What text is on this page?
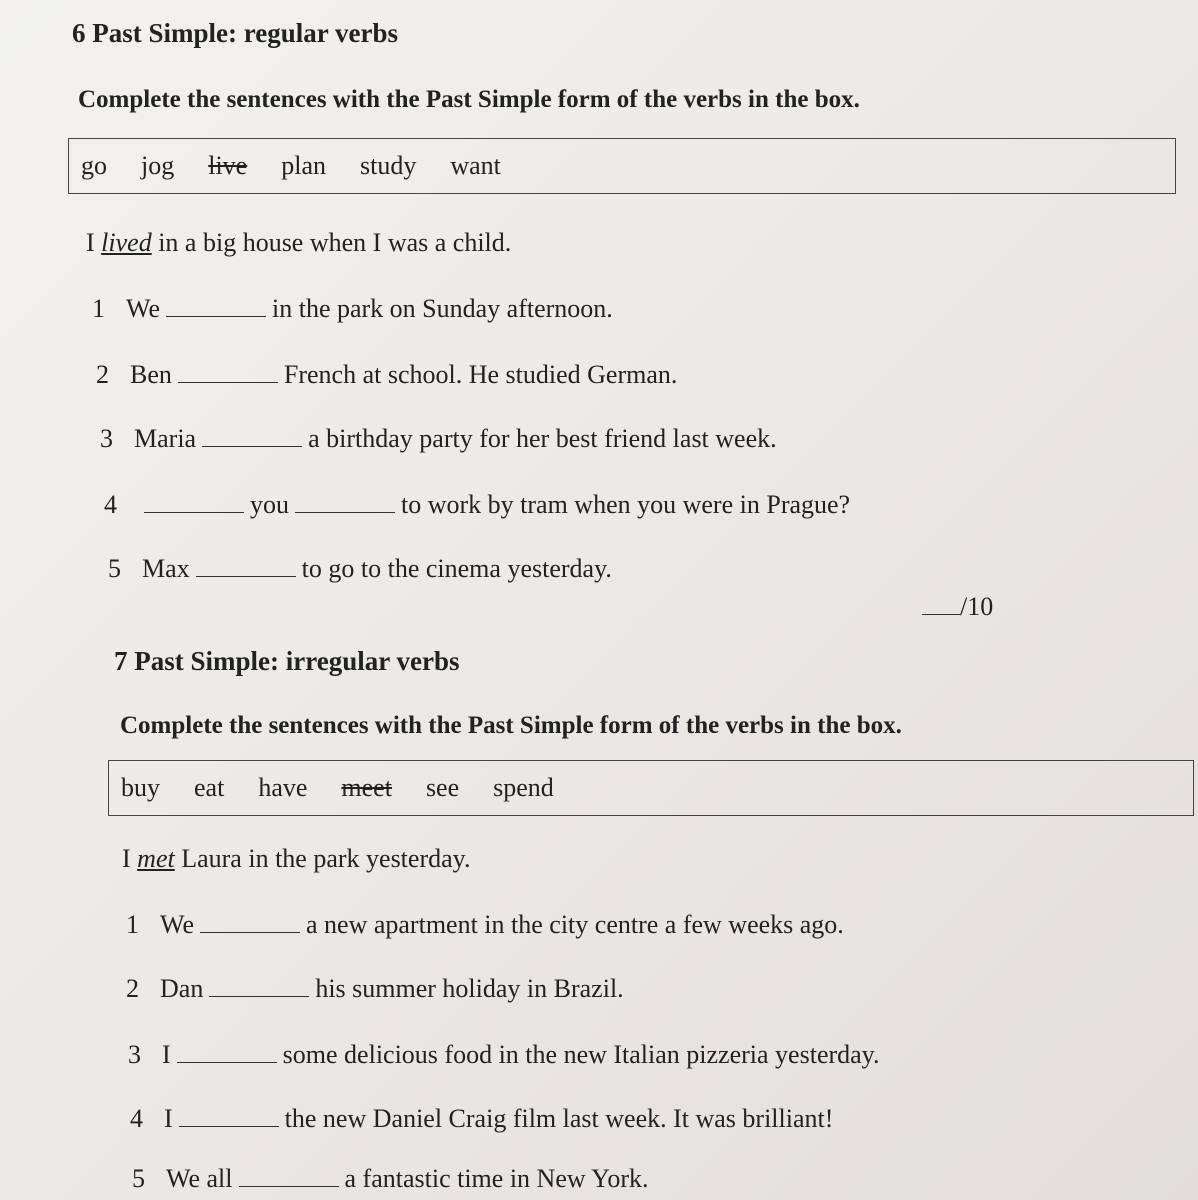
6 Past Simple: regular verbs
Complete the sentences with the Past Simple form of the verbs in the box.
go jog live plan study want
I lived in a big house when I was a child.
1 We	in the park on Sunday afternoon.
2 Ben	French at school. He studied German.
3 Maria	a birthday party for her best friend last week.
4	you	to work by tram when you were in Prague?
5 Max	to go to the cinema yesterday.
/10
7 Past Simple: irregular verbs
Complete the sentences with the Past Simple form of the verbs in the box.
buy eat have meet see spend
I met Laura in the park yesterday.
1 We	a new apartment in the city centre a few weeks ago.
2 Dan	his summer holiday in Brazil.
3 I	some delicious food in the new Italian pizzeria yesterday.
4 I	the new Daniel Craig film last week. It was brilliant!
5 We all	a fantastic time in New York.
